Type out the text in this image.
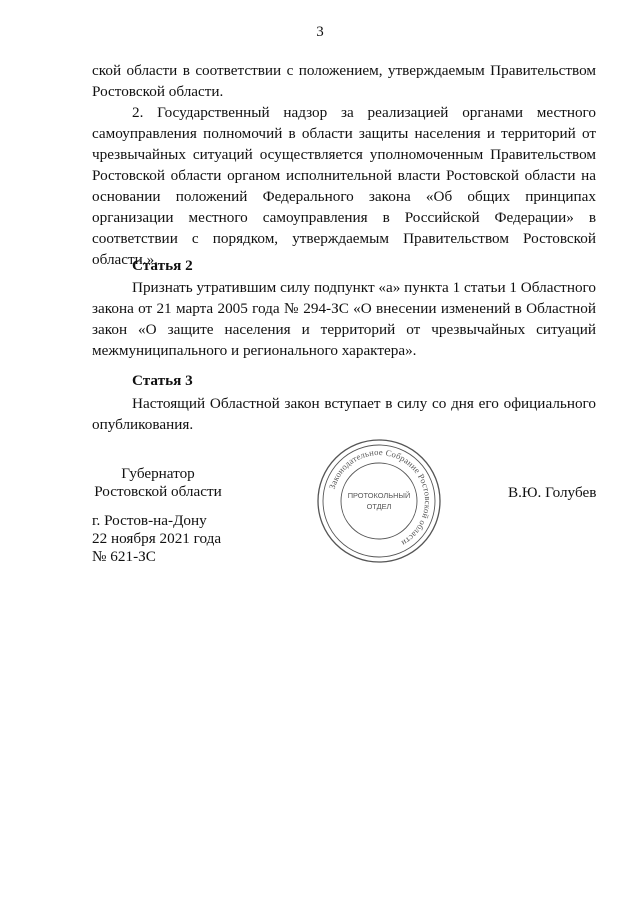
3

ской области в соответствии с положением, утверждаемым Правительством Ростовской области.

2. Государственный надзор за реализацией органами местного самоуправления полномочий в области защиты населения и территорий от чрезвычайных ситуаций осуществляется уполномоченным Правительством Ростовской области органом исполнительной власти Ростовской области на основании положений Федерального закона «Об общих принципах организации местного самоуправления в Российской Федерации» в соответствии с порядком, утверждаемым Правительством Ростовской области.».

Статья 2

Признать утратившим силу подпункт «а» пункта 1 статьи 1 Областного закона от 21 марта 2005 года № 294-ЗС «О внесении изменений в Областной закон «О защите населения и территорий от чрезвычайных ситуаций межмуниципального и регионального характера».

Статья 3

Настоящий Областной закон вступает в силу со дня его официального опубликования.

Губернатор
Ростовской области	В.Ю. Голубев
г. Ростов-на-Дону
22 ноября 2021 года
№ 621-ЗС
Законодательное Собрание Ростовской области
ПРОТОКОЛЬНЫЙ
ОТДЕЛ
